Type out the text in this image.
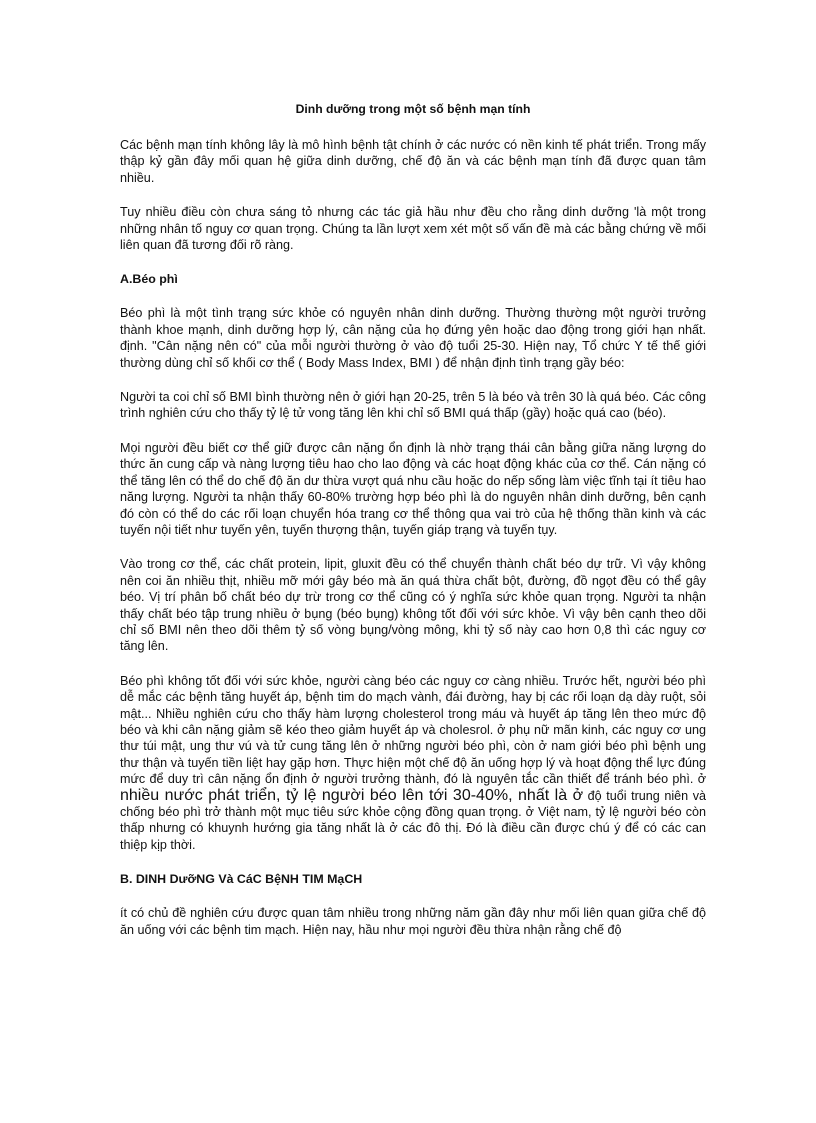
Dinh dưỡng trong một số bệnh mạn tính

Các bệnh mạn tính không lây là mô hình bệnh tật chính ở các nước có nền kinh tế phát triển. Trong mấy thập kỷ gần đây mối quan hệ giữa dinh dưỡng, chế độ ăn và các bệnh mạn tính đã được quan tâm nhiều.

Tuy nhiều điều còn chưa sáng tỏ nhưng các tác giả hầu như đều cho rằng dinh dưỡng 'là một trong những nhân tố nguy cơ quan trọng. Chúng ta lần lượt xem xét một số vấn đề mà các bằng chứng về mối liên quan đã tương đối rõ ràng.

A.Béo phì

Béo phì là một tình trạng sức khỏe có nguyên nhân dinh dưỡng. Thường thường một người trưởng thành khoe mạnh, dinh dưỡng hợp lý, cân nặng của họ đứng yên hoặc dao động trong giới hạn nhất. định. "Cân nặng nên có" của mỗi người thường ở vào độ tuổi 25-30. Hiện nay, Tổ chức Y tế thế giới thường dùng chỉ số khối cơ thể ( Body Mass Index, BMI ) để nhận định tình trạng gầy béo:

Người ta coi chỉ số BMI bình thường nên ở giới hạn 20-25, trên 5 là béo và trên 30 là quá béo. Các công trình nghiên cứu cho thấy tỷ lệ tử vong tăng lên khi chỉ số BMI quá thấp (gầy) hoặc quá cao (béo).

Mọi người đều biết cơ thể giữ được cân nặng ổn định là nhờ trạng thái cân bằng giữa năng lượng do thức ăn cung cấp và nàng lượng tiêu hao cho lao động và các hoạt động khác của cơ thể. Cán nặng có thể tăng lên có thể do chế độ ăn dư thừa vượt quá nhu cầu hoặc do nếp sống làm việc tĩnh tại ít tiêu hao năng lượng. Người ta nhận thấy 60-80% trường hợp béo phì là do nguyên nhân dinh dưỡng, bên cạnh đó còn có thể do các rối loạn chuyển hóa trang cơ thể thông qua vai trò của hệ thống thần kinh và các tuyến nội tiết như tuyến yên, tuyến thượng thận, tuyến giáp trạng và tuyến tụy.

Vào trong cơ thể, các chất protein, lipit, gluxit đều có thể chuyển thành chất béo dự trữ. Vì vậy không nên coi ăn nhiều thịt, nhiều mỡ mới gây béo mà ăn quá thừa chất bột, đường, đồ ngọt đều có thể gây béo. Vị trí phân bố chất béo dự trừ trong cơ thể cũng có ý nghĩa sức khỏe quan trọng. Người ta nhận thấy chất béo tập trung nhiều ở bụng (béo bụng) không tốt đối với sức khỏe. Vì vậy bên cạnh theo dõi chỉ số BMI nên theo dõi thêm tỷ số vòng bụng/vòng mông, khi tỷ số này cao hơn 0,8 thì các nguy cơ tăng lên.

Béo phì không tốt đối với sức khỏe, người càng béo các nguy cơ càng nhiều. Trước hết, người béo phì dễ mắc các bệnh tăng huyết áp, bệnh tim do mạch vành, đái đường, hay bị các rối loạn dạ dày ruột, sỏi mật... Nhiều nghiên cứu cho thấy hàm lượng cholesterol trong máu và huyết áp tăng lên theo mức độ béo và khi cân nặng giảm sẽ kéo theo giảm huyết áp và cholesrol. ở phụ nữ mãn kinh, các nguy cơ ung thư túi mật, ung thư vú và tử cung tăng lên ở những người béo phì, còn ở nam giới béo phì bệnh ung thư thận và tuyến tiền liệt hay gặp hơn. Thực hiện một chế độ ăn uống hợp lý và hoạt động thể lực đúng mức để duy trì cân nặng ổn định ở người trưởng thành, đó là nguyên tắc cần thiết để tránh béo phì. ở nhiều nước phát triển, tỷ lệ người béo lên tới 30-40%, nhất là ở độ tuổi trung niên và chống béo phì trở thành một mục tiêu sức khỏe cộng đồng quan trọng. ở Việt nam, tỷ lệ người béo còn thấp nhưng có khuynh hướng gia tăng nhất là ở các đô thị. Đó là điều cần được chú ý để có các can thiệp kịp thời.

B. DINH DưỡNG Và CáC BệNH TIM MạCH

ít có chủ đề nghiên cứu được quan tâm nhiều trong những năm gần đây như mối liên quan giữa chế độ ăn uống với các bệnh tim mạch. Hiện nay, hầu như mọi người đều thừa nhận rằng chế độ
